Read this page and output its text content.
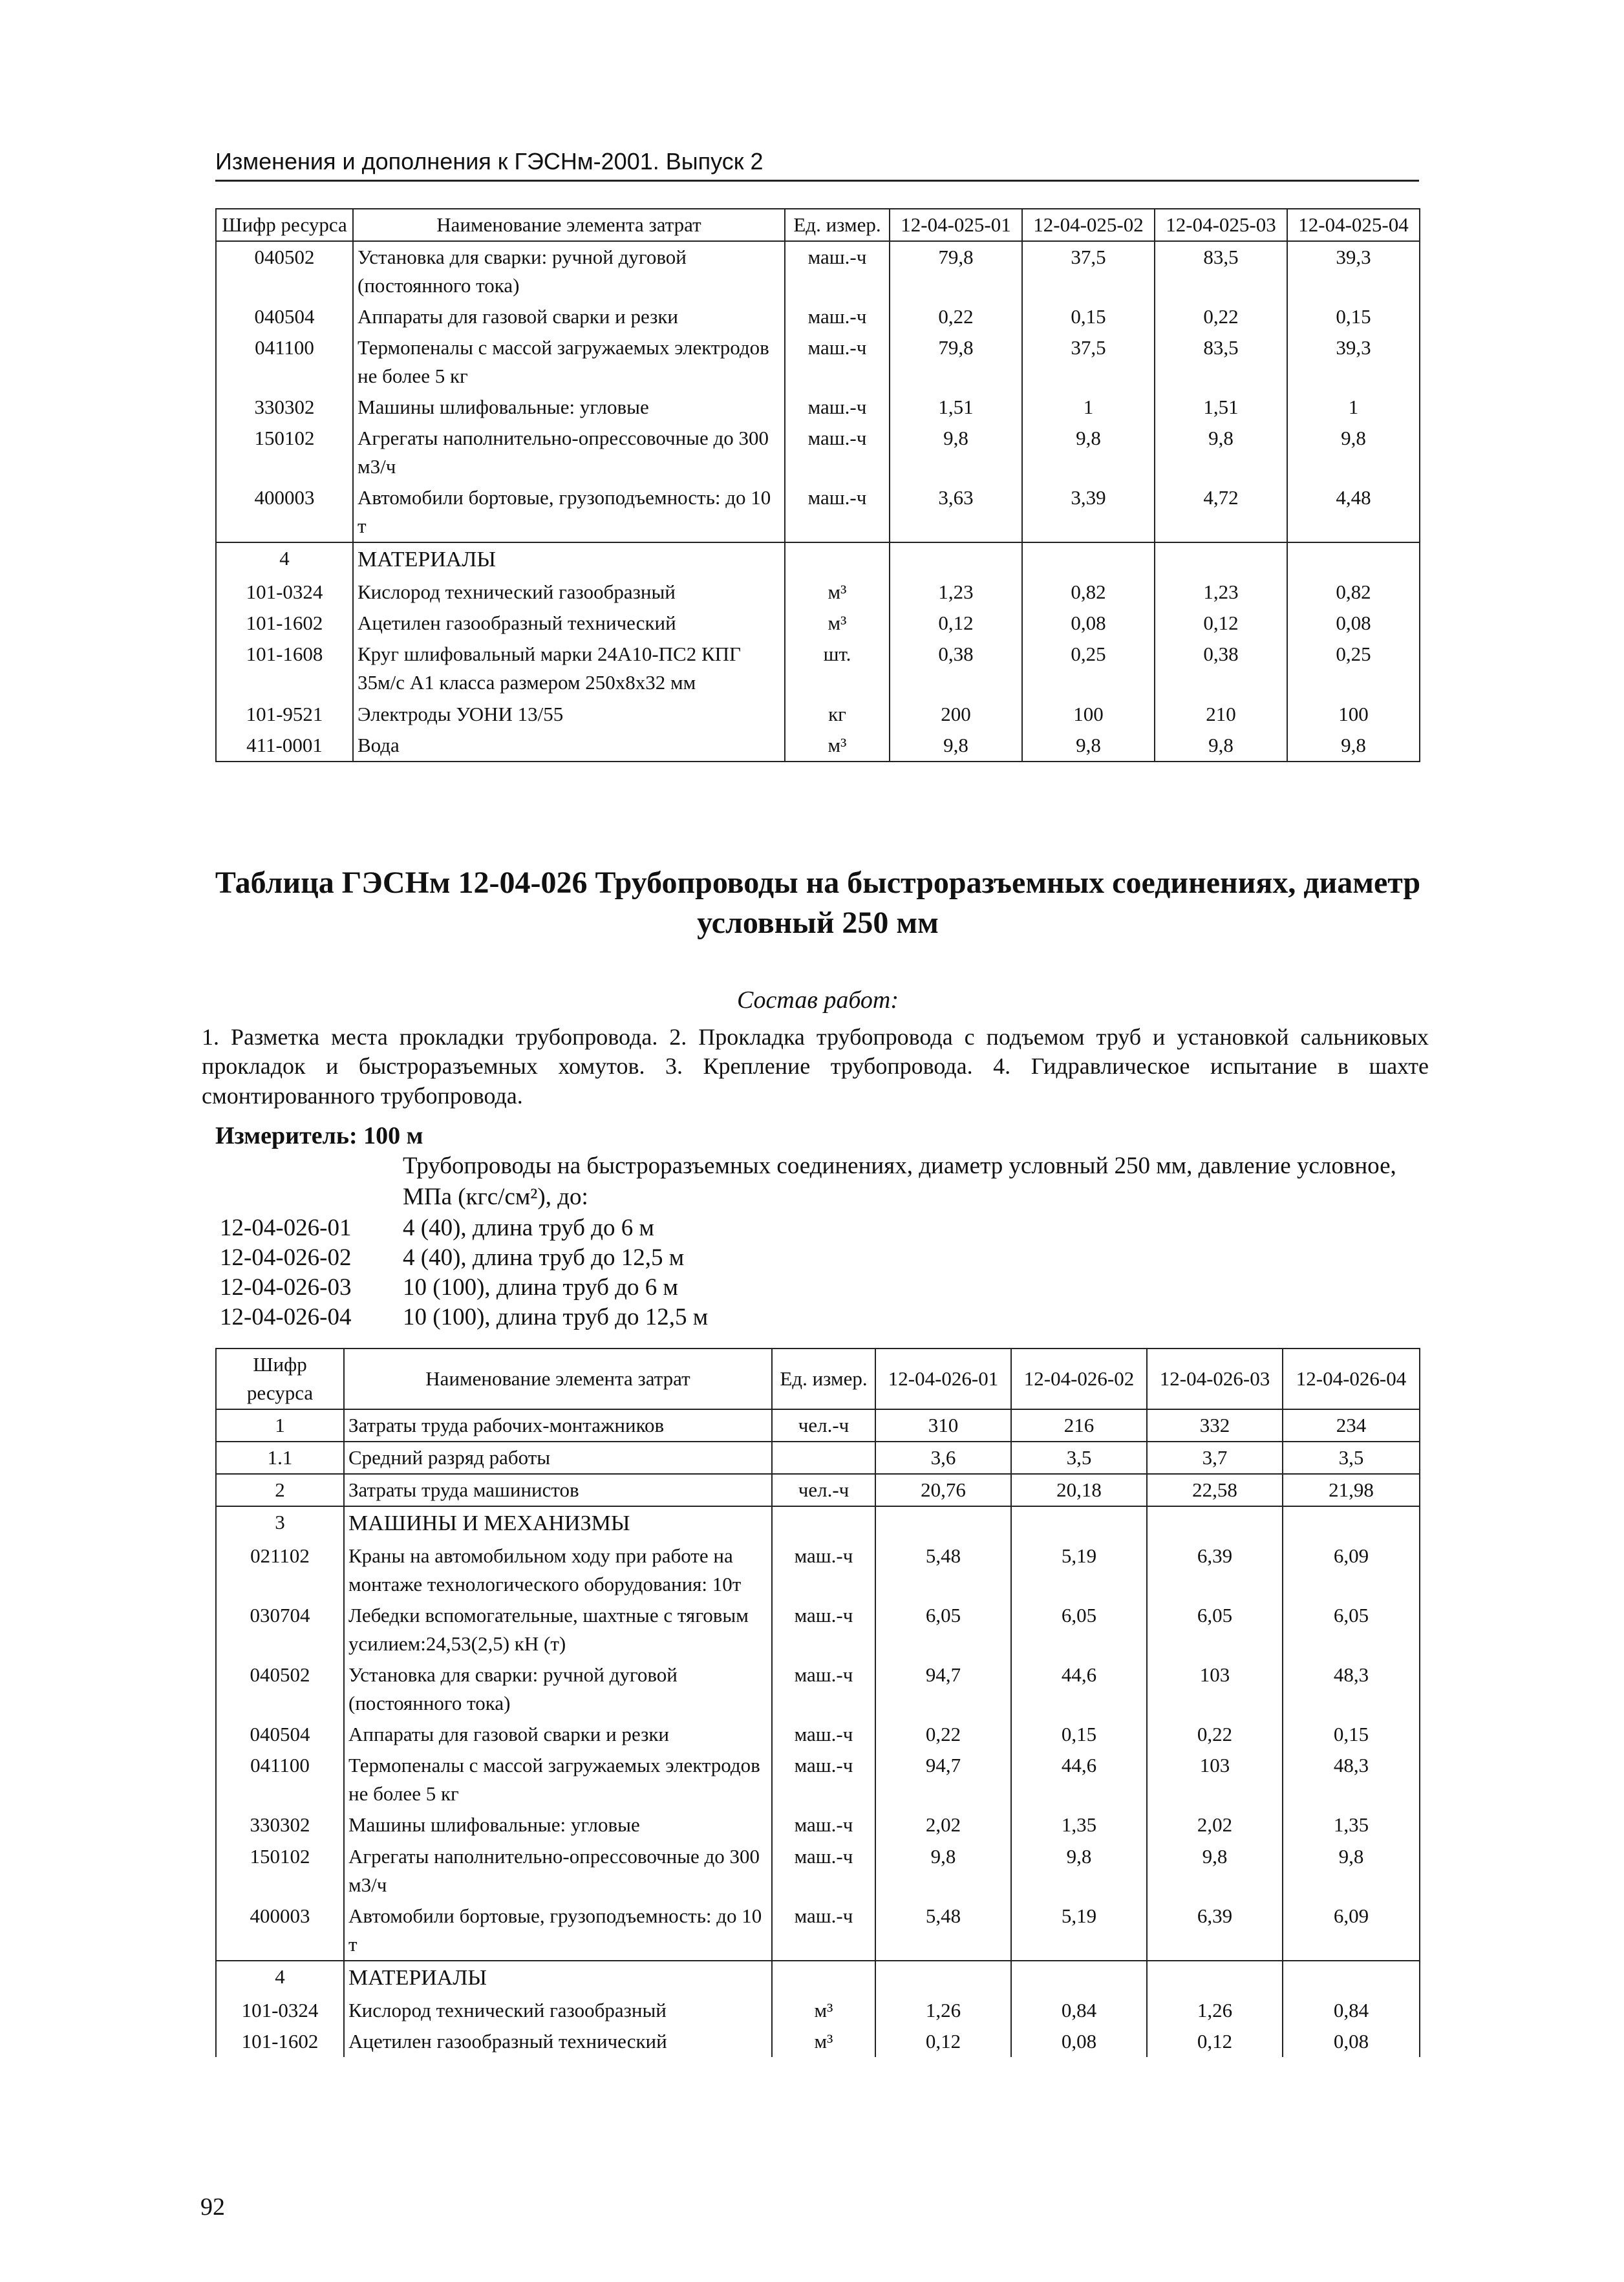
Изменения и дополнения к ГЭСНм-2001. Выпуск 2
Шифр ресурса	Наименование элемента затрат	Ед. измер.	12-04-025-01	12-04-025-02	12-04-025-03	12-04-025-04
040502	Установка для сварки: ручной дуговой (постоянного тока)	маш.-ч	79,8	37,5	83,5	39,3
040504	Аппараты для газовой сварки и резки	маш.-ч	0,22	0,15	0,22	0,15
041100	Термопеналы с массой загружаемых электродов не более 5 кг	маш.-ч	79,8	37,5	83,5	39,3
330302	Машины шлифовальные: угловые	маш.-ч	1,51	1	1,51	1
150102	Агрегаты наполнительно-опрессовочные до 300 м3/ч	маш.-ч	9,8	9,8	9,8	9,8
400003	Автомобили бортовые, грузоподъемность: до 10 т	маш.-ч	3,63	3,39	4,72	4,48
4	МАТЕРИАЛЫ					
101-0324	Кислород технический газообразный	м³	1,23	0,82	1,23	0,82
101-1602	Ацетилен газообразный технический	м³	0,12	0,08	0,12	0,08
101-1608	Круг шлифовальный марки 24А10-ПС2 КПГ 35м/с А1 класса размером 250х8х32 мм	шт.	0,38	0,25	0,38	0,25
101-9521	Электроды УОНИ 13/55	кг	200	100	210	100
411-0001	Вода	м³	9,8	9,8	9,8	9,8
Таблица ГЭСНм 12-04-026 Трубопроводы на быстроразъемных соединениях, диаметр условный 250 мм
Состав работ:
1. Разметка места прокладки трубопровода. 2. Прокладка трубопровода с подъемом труб и установкой сальниковых прокладок и быстроразъемных хомутов. 3. Крепление трубопровода. 4. Гидравлическое испытание в шахте смонтированного трубопровода.
Измеритель: 100 м
Трубопроводы на быстроразъемных соединениях, диаметр условный 250 мм, давление условное, МПа (кгс/см²), до:
12-04-026-01	4 (40), длина труб до 6 м
12-04-026-02	4 (40), длина труб до 12,5 м
12-04-026-03	10 (100), длина труб до 6 м
12-04-026-04	10 (100), длина труб до 12,5 м
Шифр ресурса	Наименование элемента затрат	Ед. измер.	12-04-026-01	12-04-026-02	12-04-026-03	12-04-026-04
1	Затраты труда рабочих-монтажников	чел.-ч	310	216	332	234
1.1	Средний разряд работы		3,6	3,5	3,7	3,5
2	Затраты труда машинистов	чел.-ч	20,76	20,18	22,58	21,98
3	МАШИНЫ И МЕХАНИЗМЫ					
021102	Краны на автомобильном ходу при работе на монтаже технологического оборудования: 10т	маш.-ч	5,48	5,19	6,39	6,09
030704	Лебедки вспомогательные, шахтные с тяговым усилием:24,53(2,5) кН (т)	маш.-ч	6,05	6,05	6,05	6,05
040502	Установка для сварки: ручной дуговой (постоянного тока)	маш.-ч	94,7	44,6	103	48,3
040504	Аппараты для газовой сварки и резки	маш.-ч	0,22	0,15	0,22	0,15
041100	Термопеналы с массой загружаемых электродов не более 5 кг	маш.-ч	94,7	44,6	103	48,3
330302	Машины шлифовальные: угловые	маш.-ч	2,02	1,35	2,02	1,35
150102	Агрегаты наполнительно-опрессовочные до 300 м3/ч	маш.-ч	9,8	9,8	9,8	9,8
400003	Автомобили бортовые, грузоподъемность: до 10 т	маш.-ч	5,48	5,19	6,39	6,09
4	МАТЕРИАЛЫ					
101-0324	Кислород технический газообразный	м³	1,26	0,84	1,26	0,84
101-1602	Ацетилен газообразный технический	м³	0,12	0,08	0,12	0,08
92
